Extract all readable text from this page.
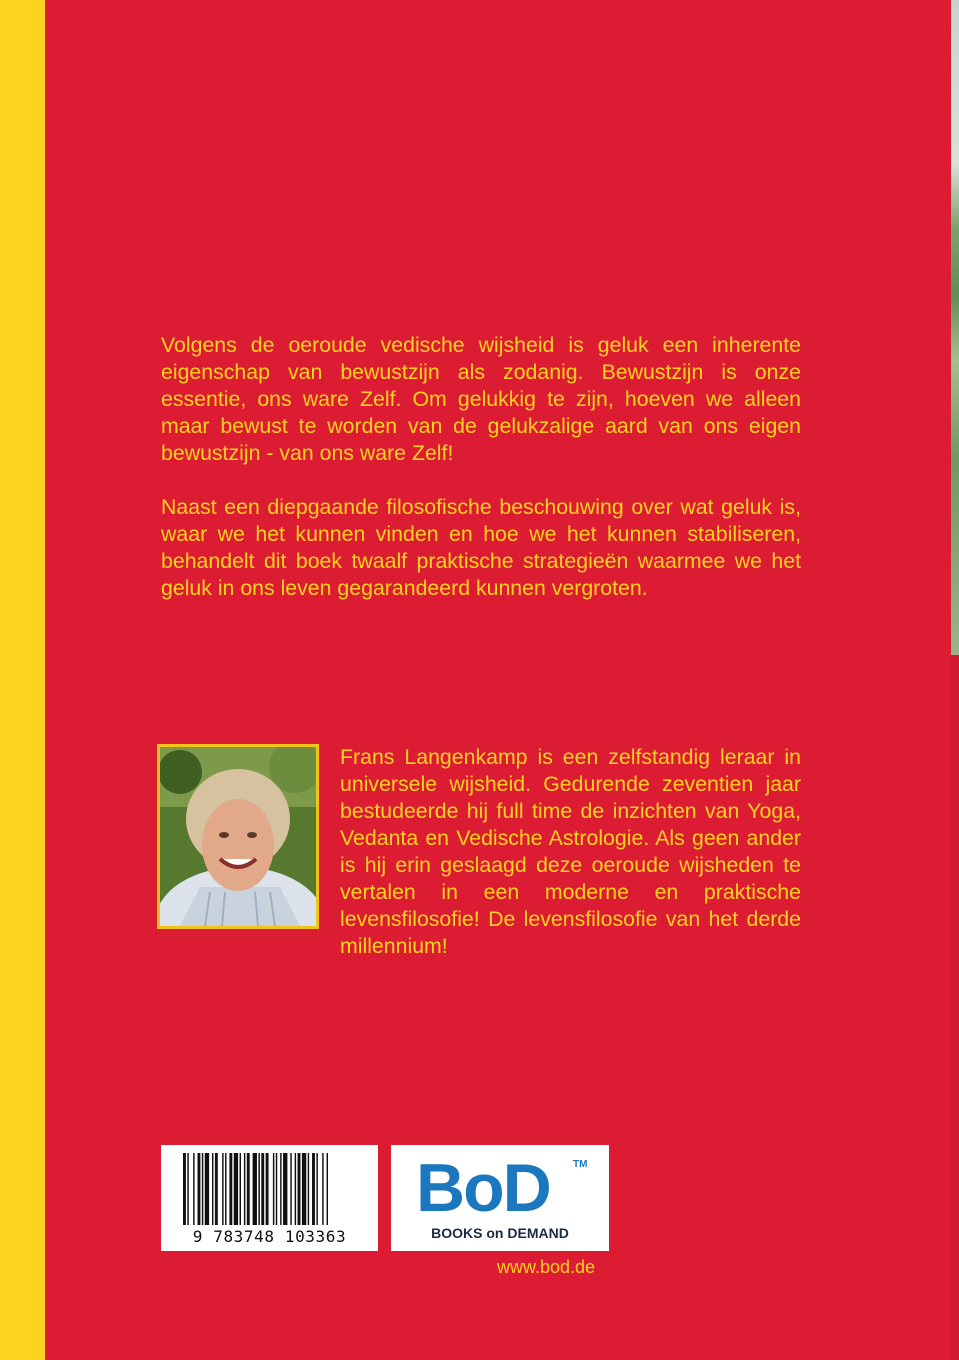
Volgens de oeroude vedische wijsheid is geluk een inherente eigenschap van bewustzijn als zodanig. Bewustzijn is onze essentie, ons ware Zelf. Om gelukkig te zijn, hoeven we alleen maar bewust te worden van de gelukzalige aard van ons eigen bewustzijn - van ons ware Zelf!

Naast een diepgaande filosofische beschouwing over wat geluk is, waar we het kunnen vinden en hoe we het kunnen stabiliseren, behandelt dit boek twaalf praktische strategieën waarmee we het geluk in ons leven gegarandeerd kunnen vergroten.

Frans Langenkamp is een zelfstandig leraar in universele wijsheid. Gedurende zeventien jaar bestudeerde hij full time de inzichten van Yoga, Vedanta en Vedische Astrologie. Als geen ander is hij erin geslaagd deze oeroude wijsheden te vertalen in een moderne en praktische levensfilosofie! De levensfilosofie van het derde millennium!

9 783748 103363
BoD TM
BOOKS on DEMAND
www.bod.de
